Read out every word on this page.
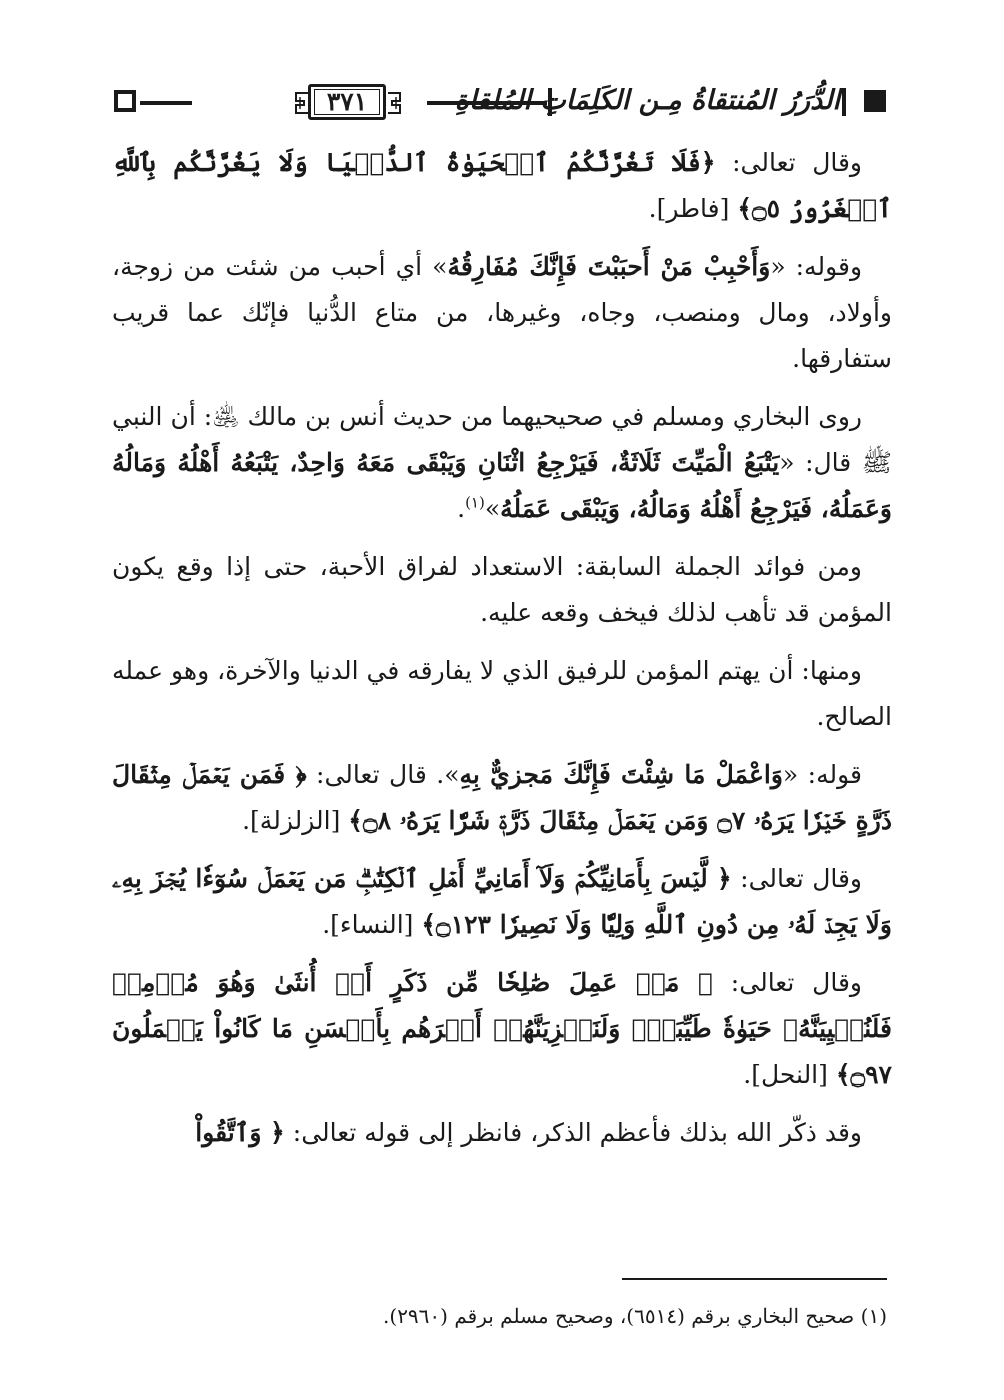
٣٧١	الدُّرَرُ المُنتقاةُ مِـن الكَلِمَاتِ المُلقاةِ

وقال تعالى: ﴿فَلَا تَغُرَّنَّكُمُ ٱلۡحَيَوٰةُ ٱلدُّنۡيَا وَلَا يَغُرَّنَّكُم بِٱللَّهِ ٱلۡغَرُورُ ۝٥﴾ [فاطر].

وقوله: «وَأَحْبِبْ مَنْ أَحبَبْتَ فَإِنَّكَ مُفَارِقُهُ» أي أحبب من شئت من زوجة، وأولاد، ومال ومنصب، وجاه، وغيرها، من متاع الدُّنيا فإنّك عما قريب ستفارقها.

روى البخاري ومسلم في صحيحيهما من حديث أنس بن مالك ﵁: أن النبي ﷺ قال: «يَتْبَعُ الْمَيِّتَ ثَلَاثَةٌ، فَيَرْجِعُ اثْنَانِ وَيَبْقَى مَعَهُ وَاحِدٌ، يَتْبَعُهُ أَهْلُهُ وَمَالُهُ وَعَمَلُهُ، فَيَرْجِعُ أَهْلُهُ وَمَالُهُ، وَيَبْقَى عَمَلُهُ»$^{(١)}$.

ومن فوائد الجملة السابقة: الاستعداد لفراق الأحبة، حتى إذا وقع يكون المؤمن قد تأهب لذلك فيخف وقعه عليه.

ومنها: أن يهتم المؤمن للرفيق الذي لا يفارقه في الدنيا والآخرة، وهو عمله الصالح.

قوله: «وَاعْمَلْ مَا شِئْتَ فَإِنَّكَ مَجزيٌّ بِهِ». قال تعالى: ﴿ فَمَن يَعۡمَلۡ مِثۡقَالَ ذَرَّةٍ خَيۡرٗا يَرَهُۥ ۝٧ وَمَن يَعۡمَلۡ مِثۡقَالَ ذَرَّةٖ شَرّٗا يَرَهُۥ ۝٨﴾ [الزلزلة].

وقال تعالى: ﴿ لَّيۡسَ بِأَمَانِيِّكُمۡ وَلَآ أَمَانِيِّ أَهۡلِ ٱلۡكِتَٰبِۗ مَن يَعۡمَلۡ سُوٓءٗا يُجۡزَ بِهِۦ وَلَا يَجِدۡ لَهُۥ مِن دُونِ ٱللَّهِ وَلِيّٗا وَلَا نَصِيرٗا ۝١٢٣﴾ [النساء].

وقال تعالى: ﴿ مَنۡ عَمِلَ صَٰلِحٗا مِّن ذَكَرٍ أَوۡ أُنثَىٰ وَهُوَ مُؤۡمِنٞ فَلَنُحۡيِيَنَّهُۥ حَيَوٰةٗ طَيِّبَةٗۖ وَلَنَجۡزِيَنَّهُمۡ أَجۡرَهُم بِأَحۡسَنِ مَا كَانُواْ يَعۡمَلُونَ ۝٩٧﴾ [النحل].

وقد ذكّر الله بذلك فأعظم الذكر، فانظر إلى قوله تعالى: ﴿ وَٱتَّقُواْ

(١) صحيح البخاري برقم (٦٥١٤)، وصحيح مسلم برقم (٢٩٦٠).
